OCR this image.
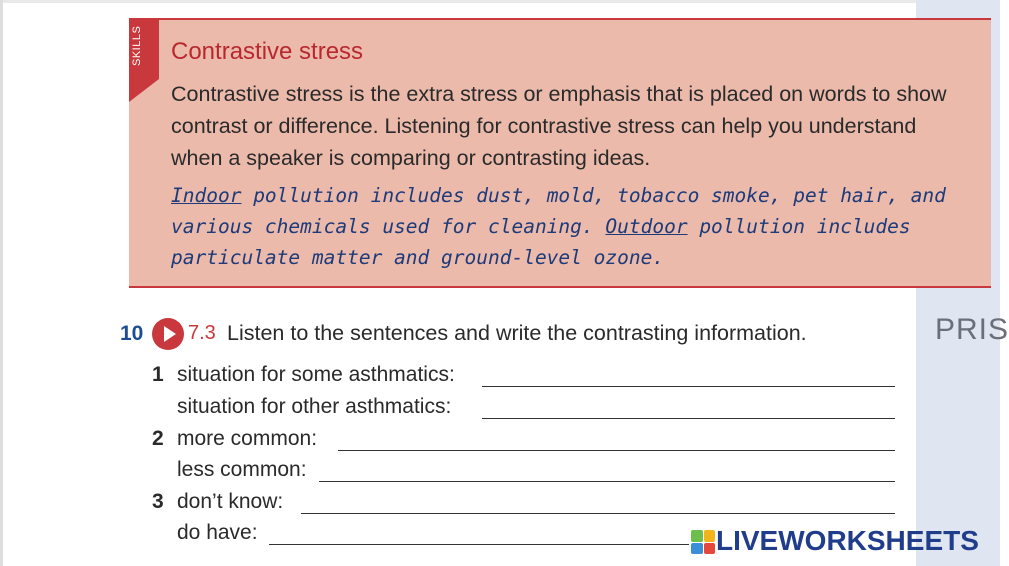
SKILLS Contrastive stress
Contrastive stress is the extra stress or emphasis that is placed on words to show contrast or difference. Listening for contrastive stress can help you understand when a speaker is comparing or contrasting ideas.
Indoor pollution includes dust, mold, tobacco smoke, pet hair, and various chemicals used for cleaning. Outdoor pollution includes particulate matter and ground-level ozone.
10 7.3 Listen to the sentences and write the contrasting information.
1 situation for some asthmatics:
situation for other asthmatics:
2 more common:
less common:
3 don’t know:
do have:
PRIS
LIVEWORKSHEETS
